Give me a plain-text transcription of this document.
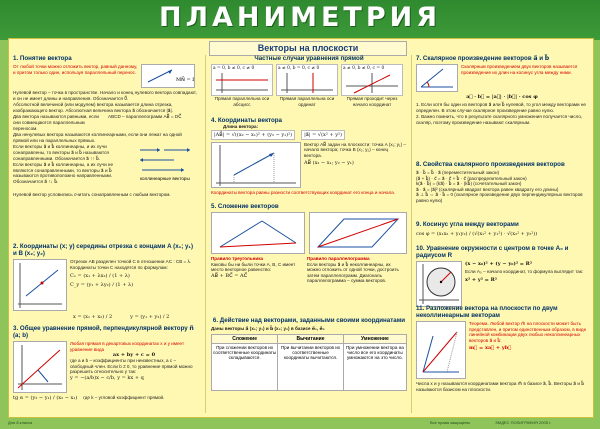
ПЛАНИМЕТРИЯ
Векторы на плоскости
1. Понятие вектора
От любой точки можно отложить вектор, равный данному, и притом только один, используя параллельный перенос.
MN⃗ = a⃗
Нулевой вектор – точка в пространстве. Начало и конец нулевого вектора совпадают, и он не имеет длины и направления. Обозначается 0⃗.
Абсолютной величиной (или модулем) вектора называется длина отрезка, изображающего вектор. Абсолютная величина вектора a⃗ обозначается |a⃗|.
Два вектора называются равными, если они совмещаются параллельным переносом.
ABCD – параллелограмм AB⃗ = DC⃗
Два ненулевых вектора называются коллинеарными, если они лежат на одной прямой или на параллельных прямых.
Если векторы a⃗ и b⃗ коллинеарны, и их лучи сонаправлены, то векторы a⃗ и b⃗ называются сонаправленными. Обозначается a⃗ ↑↑ b⃗.
Если векторы a⃗ и b⃗ коллинеарны, а их лучи не являются сонаправленными, то векторы a⃗ и b⃗ называются противоположно направленными. Обозначается a⃗ ↑↓ b⃗.
коллинеарные векторы
Нулевой вектор условились считать сонаправленным с любым вектором.
2. Координаты (x; y) середины отрезка с концами A (x₁; y₁) и B (x₂; y₂)
Отрезок AB разделен точкой C в отношении AC : CB = λ. Координаты точки C находятся по формулам:
Cₓ = (x₁ + λx₂) / (1 + λ)
C_y = (y₁ + λy₂) / (1 + λ)
x = (x₁ + x₂) / 2	y = (y₁ + y₂) / 2
3. Общее уравнение прямой, перпендикулярной вектору n⃗ (a; b)
Любая прямая в декартовых координатах x и y имеет уравнение вида
ax + by + c = 0
где a и b – коэффициенты при неизвестных, а c – свободный член. Если b ≠ 0, то уравнение прямой можно разрешить относительно y так:
y = −(a/b)x − c/b, y = kx + q
tg α = (y₂ − y₁) / (x₂ − x₁) где k – угловой коэффициент прямой.
Частные случаи уравнения прямой
a = 0, b ≠ 0, c ≠ 0
Прямая параллельна оси абсцисс
a ≠ 0, b = 0, c ≠ 0
Прямая параллельна оси ординат
a ≠ 0, b ≠ 0, c = 0
Прямая проходит через начало координат
4. Координаты вектора
Длина вектора:
|AB⃗| = √((x₂ − x₁)² + (y₂ − y₁)²)	|a⃗| = √(x² + y²)
Вектор AB⃗ задан на плоскости: точка A (x₁; y₁) – начало вектора; точка B (x₂; y₂) – конец вектора.
AB⃗ (x₂ − x₁; y₂ − y₁)
Координаты вектора равны разности соответствующих координат его конца и начала.
5. Сложение векторов
Правило треугольника
Каковы бы ни были точки A, B, C имеет место векторное равенство:
AB⃗ + BC⃗ = AC⃗
Правило параллелограмма
Если векторы a⃗ и b⃗ неколлинеарны, их можно отложить от одной точки, достроить затем параллелограмм. Диагональ параллелограмма – сумма векторов.
6. Действие над векторами, заданными своими координатами
Даны векторы a⃗ (x₁; y₁) и b⃗ (x₂; y₂) в базисе e⃗₁, e⃗₂
Сложение	Вычитание	Умножение
При сложении векторов их соответственные координаты складываются.	При вычитании векторов их соответственные координаты вычитаются.	При умножении вектора на число все его координаты умножаются на это число.
7. Скалярное произведение векторов a⃗ и b⃗
Скалярным произведением двух векторов называется произведение их длин на косинус угла между ними.
a⃗ · b⃗ = |a⃗| · |b⃗| · cos φ
1. Если хотя бы один из векторов a⃗ или b⃗ нулевой, то угол между векторами не определен. В этом случае скалярное произведение равно нулю.
2. Важно помнить, что в результате скалярного умножения получается число, скаляр, поэтому произведение называют скалярным.
8. Свойства скалярного произведения векторов
a⃗ · b⃗ = b⃗ · a⃗ (переместительный закон)
(a⃗ + b⃗) · c⃗ = a⃗ · c⃗ + b⃗ · c⃗ (распределительный закон)
k(a⃗ · b⃗) = (ka⃗) · b⃗ = a⃗ · (kb⃗) (сочетательный закон)
a⃗ · a⃗ = |a⃗|² (скалярный квадрат вектора равен квадрату его длины)
a⃗ ⊥ b⃗ ⇔ a⃗ · b⃗ = 0 (скалярное произведение двух перпендикулярных векторов равно нулю)
9. Косинус угла между векторами
cos φ = (x₁x₂ + y₁y₂) / (√(x₁² + y₁²) · √(x₂² + y₂²))
10. Уравнение окружности с центром в точке A₀ и радиусом R
(x − x₀)² + (y − y₀)² = R²
Если A₀ – начало координат, то формула выглядит так:
x² + y² = R²
11. Разложение вектора на плоскости по двум неколлинеарным векторам
Теорема. Любой вектор m⃗ на плоскости может быть представлен, и притом единственным образом, в виде линейной комбинации двух любых неколлинеарных векторов a⃗ и b⃗:
m⃗ = xa⃗ + yb⃗
Числа x и y называются координатами вектора m⃗ в базисе a⃗, b⃗. Векторы a⃗ и b⃗ называются базисом на плоскости.
Для 8 класса	Все права защищены	ЭМДЕС ПОЛИГРАФИЯ 2005 г.
